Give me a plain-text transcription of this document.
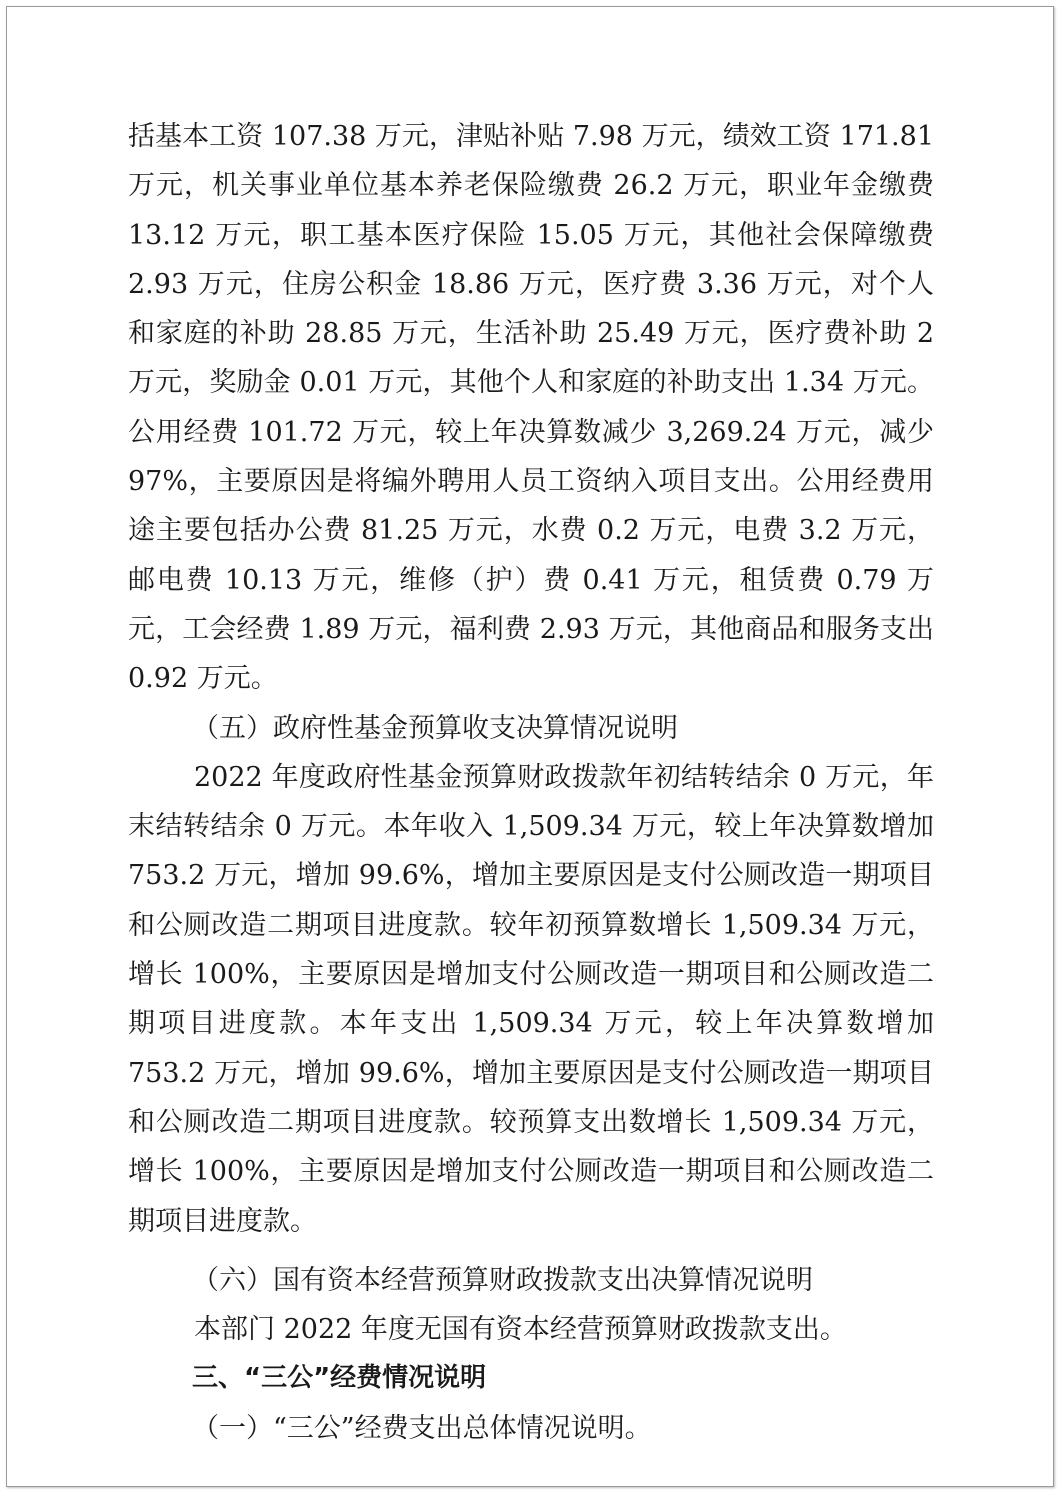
括基本工资 107.38 万元，津贴补贴 7.98 万元，绩效工资 171.81 万元，机关事业单位基本养老保险缴费 26.2 万元，职业年金缴费 13.12 万元，职工基本医疗保险 15.05 万元，其他社会保障缴费 2.93 万元，住房公积金 18.86 万元，医疗费 3.36 万元，对个人和家庭的补助 28.85 万元，生活补助 25.49 万元，医疗费补助 2 万元，奖励金 0.01 万元，其他个人和家庭的补助支出 1.34 万元。公用经费 101.72 万元，较上年决算数减少 3,269.24 万元，减少 97%，主要原因是将编外聘用人员工资纳入项目支出。公用经费用途主要包括办公费 81.25 万元，水费 0.2 万元，电费 3.2 万元，邮电费 10.13 万元，维修（护）费 0.41 万元，租赁费 0.79 万元，工会经费 1.89 万元，福利费 2.93 万元，其他商品和服务支出 0.92 万元。

（五）政府性基金预算收支决算情况说明

2022 年度政府性基金预算财政拨款年初结转结余 0 万元，年末结转结余 0 万元。本年收入 1,509.34 万元，较上年决算数增加 753.2 万元，增加 99.6%，增加主要原因是支付公厕改造一期项目和公厕改造二期项目进度款。较年初预算数增长 1,509.34 万元，增长 100%，主要原因是增加支付公厕改造一期项目和公厕改造二期项目进度款。本年支出 1,509.34 万元，较上年决算数增加 753.2 万元，增加 99.6%，增加主要原因是支付公厕改造一期项目和公厕改造二期项目进度款。较预算支出数增长 1,509.34 万元，增长 100%，主要原因是增加支付公厕改造一期项目和公厕改造二期项目进度款。

（六）国有资本经营预算财政拨款支出决算情况说明

本部门 2022 年度无国有资本经营预算财政拨款支出。

三、“三公”经费情况说明

（一）“三公”经费支出总体情况说明。
